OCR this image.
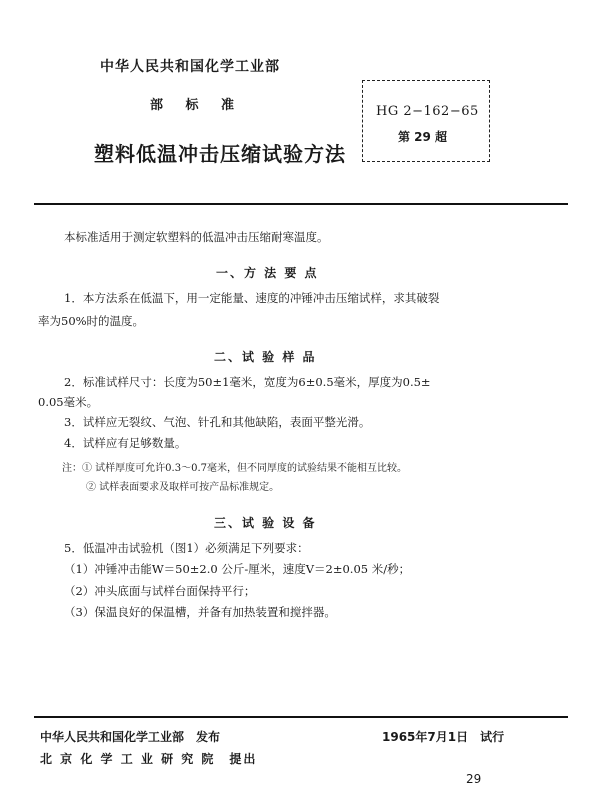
中华人民共和国化学工业部
部 标 准
塑料低温冲击压缩试验方法
HG 2−162−65
第 29 超
本标准适用于测定软塑料的低温冲击压缩耐寒温度。
一、方 法 要 点
1．本方法系在低温下，用一定能量、速度的冲锤冲击压缩试样，求其破裂
率为50%时的温度。
二、试 验 样 品
2．标准试样尺寸：长度为50±1毫米，宽度为6±0.5毫米，厚度为0.5±
0.05毫米。
3．试样应无裂纹、气泡、针孔和其他缺陷，表面平整光滑。
4．试样应有足够数量。
注：① 试样厚度可允许0.3～0.7毫米，但不同厚度的试验结果不能相互比较。
② 试样表面要求及取样可按产品标准规定。
三、试 验 设 备
5．低温冲击试验机（图1）必须满足下列要求：
（1）冲锤冲击能W＝50±2.0 公斤-厘米，速度V＝2±0.05 米/秒；
（2）冲头底面与试样台面保持平行；
（3）保温良好的保温槽，并备有加热装置和搅拌器。
中华人民共和国化学工业部　发布
北 京 化 学 工 业 研 究 院　提出
1965年7月1日　试行
29
